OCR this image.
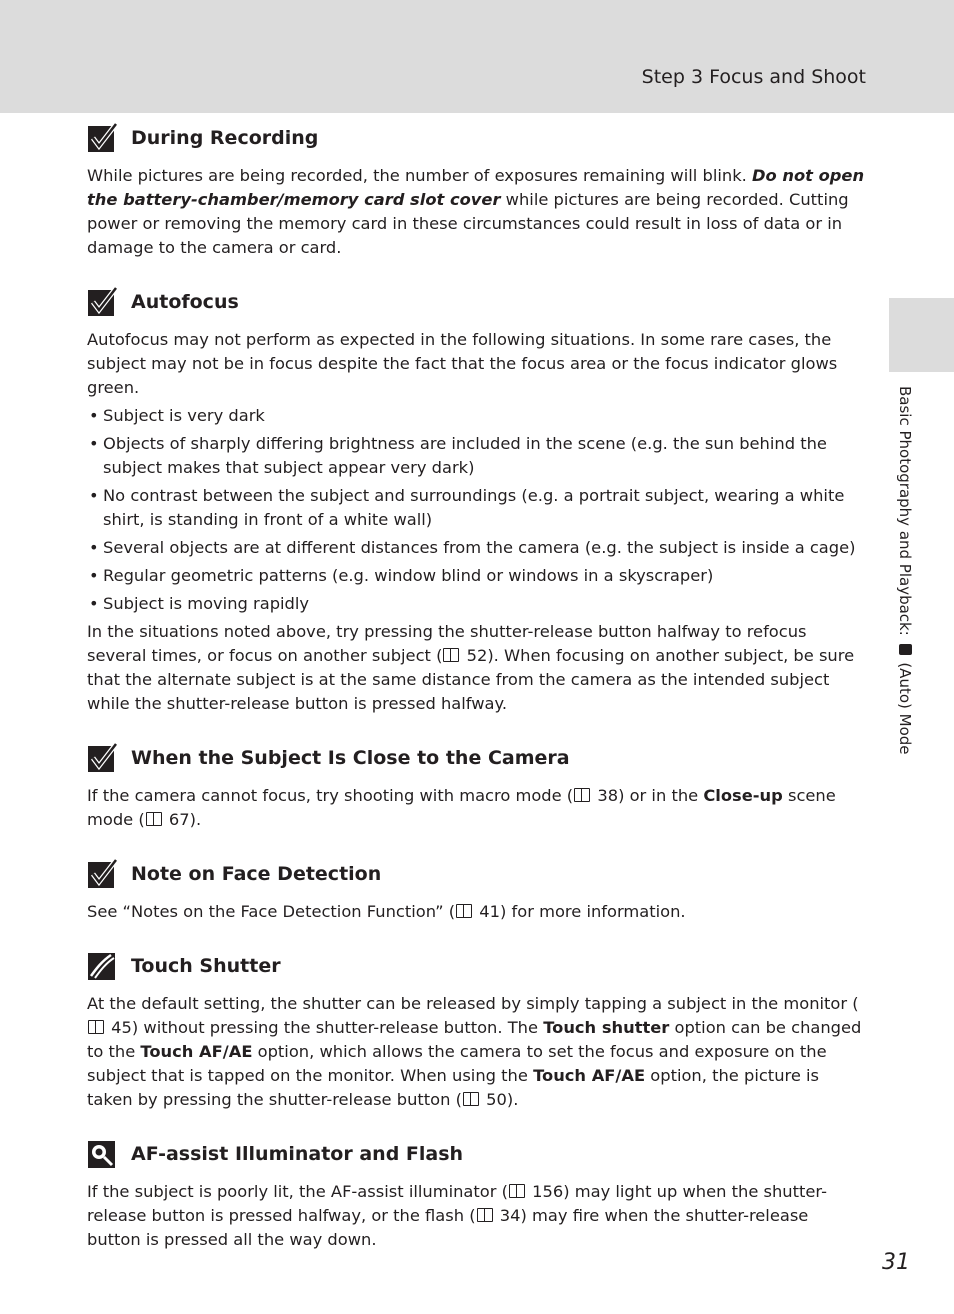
Step 3 Focus and Shoot
Basic Photography and Playback:  (Auto) Mode
During Recording

While pictures are being recorded, the number of exposures remaining will blink. Do not open the battery-chamber/memory card slot cover while pictures are being recorded. Cutting power or removing the memory card in these circumstances could result in loss of data or in damage to the camera or card.

Autofocus

Autofocus may not perform as expected in the following situations. In some rare cases, the subject may not be in focus despite the fact that the focus area or the focus indicator glows green.

• Subject is very dark
• Objects of sharply differing brightness are included in the scene (e.g. the sun behind the subject makes that subject appear very dark)
• No contrast between the subject and surroundings (e.g. a portrait subject, wearing a white shirt, is standing in front of a white wall)
• Several objects are at different distances from the camera (e.g. the subject is inside a cage)
• Regular geometric patterns (e.g. window blind or windows in a skyscraper)
• Subject is moving rapidly

In the situations noted above, try pressing the shutter-release button halfway to refocus several times, or focus on another subject ( 52). When focusing on another subject, be sure that the alternate subject is at the same distance from the camera as the intended subject while the shutter-release button is pressed halfway.

When the Subject Is Close to the Camera

If the camera cannot focus, try shooting with macro mode ( 38) or in the Close-up scene mode ( 67).

Note on Face Detection

See “Notes on the Face Detection Function” ( 41) for more information.

Touch Shutter

At the default setting, the shutter can be released by simply tapping a subject in the monitor ( 45) without pressing the shutter-release button. The Touch shutter option can be changed to the Touch AF/AE option, which allows the camera to set the focus and exposure on the subject that is tapped on the monitor. When using the Touch AF/AE option, the picture is taken by pressing the shutter-release button ( 50).

AF-assist Illuminator and Flash

If the subject is poorly lit, the AF-assist illuminator ( 156) may light up when the shutter-release button is pressed halfway, or the flash ( 34) may fire when the shutter-release button is pressed all the way down.

31
